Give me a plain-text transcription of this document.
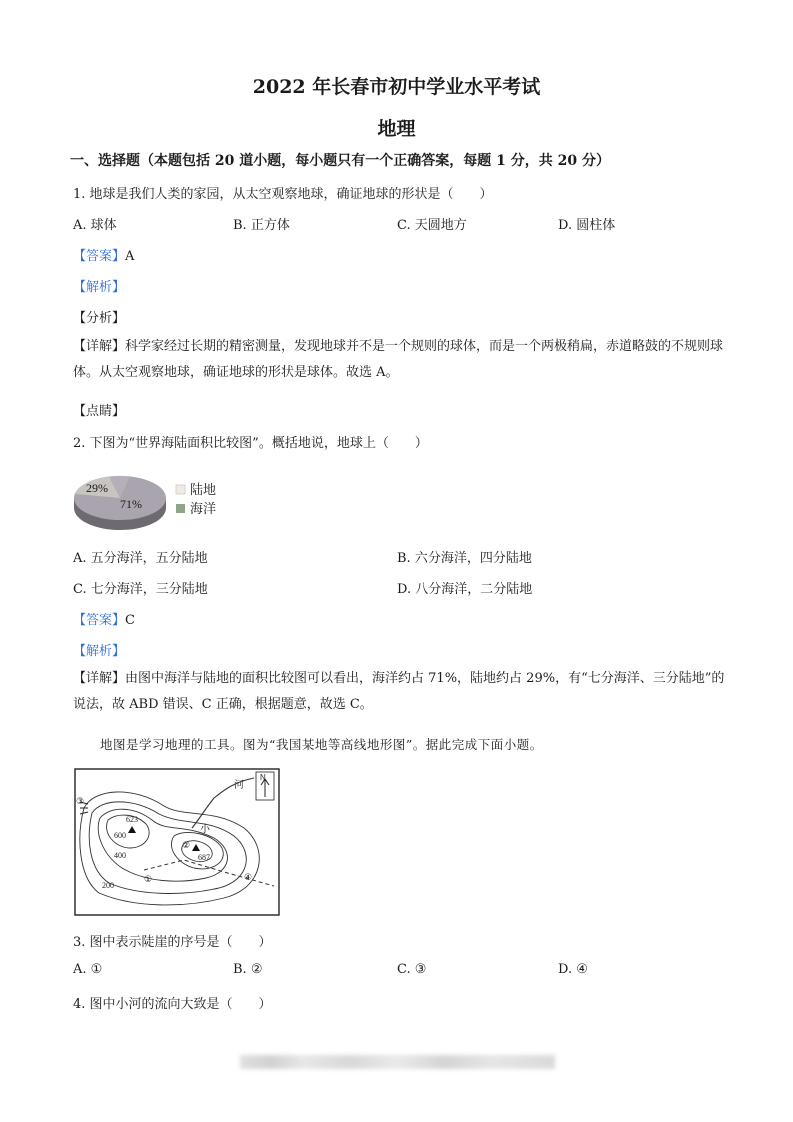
2022 年长春市初中学业水平考试
地理
一、选择题（本题包括 20 道小题，每小题只有一个正确答案，每题 1 分，共 20 分）
1. 地球是我们人类的家园，从太空观察地球，确证地球的形状是（　　）
A. 球体	B. 正方体	C. 天圆地方	D. 圆柱体
【答案】A
【解析】
【分析】
【详解】科学家经过长期的精密测量，发现地球并不是一个规则的球体，而是一个两极稍扁，赤道略鼓的不规则球体。从太空观察地球，确证地球的形状是球体。故选 A。
【点睛】
2. 下图为“世界海陆面积比较图”。概括地说，地球上（　　）
29%
71%
陆地
海洋
A. 五分海洋，五分陆地	B. 六分海洋，四分陆地
C. 七分海洋，三分陆地	D. 八分海洋，二分陆地
【答案】C
【解析】
【详解】由图中海洋与陆地的面积比较图可以看出，海洋约占 71%，陆地约占 29%，有“七分海洋、三分陆地”的说法，故 ABD 错误、C 正确，根据题意，故选 C。
地图是学习地理的工具。图为“我国某地等高线地形图”。据此完成下面小题。
N
河
小
623
687
600
400
200
③
②
①	④
3. 图中表示陡崖的序号是（　　）
A. ①	B. ②	C. ③	D. ④
4. 图中小河的流向大致是（　　）
